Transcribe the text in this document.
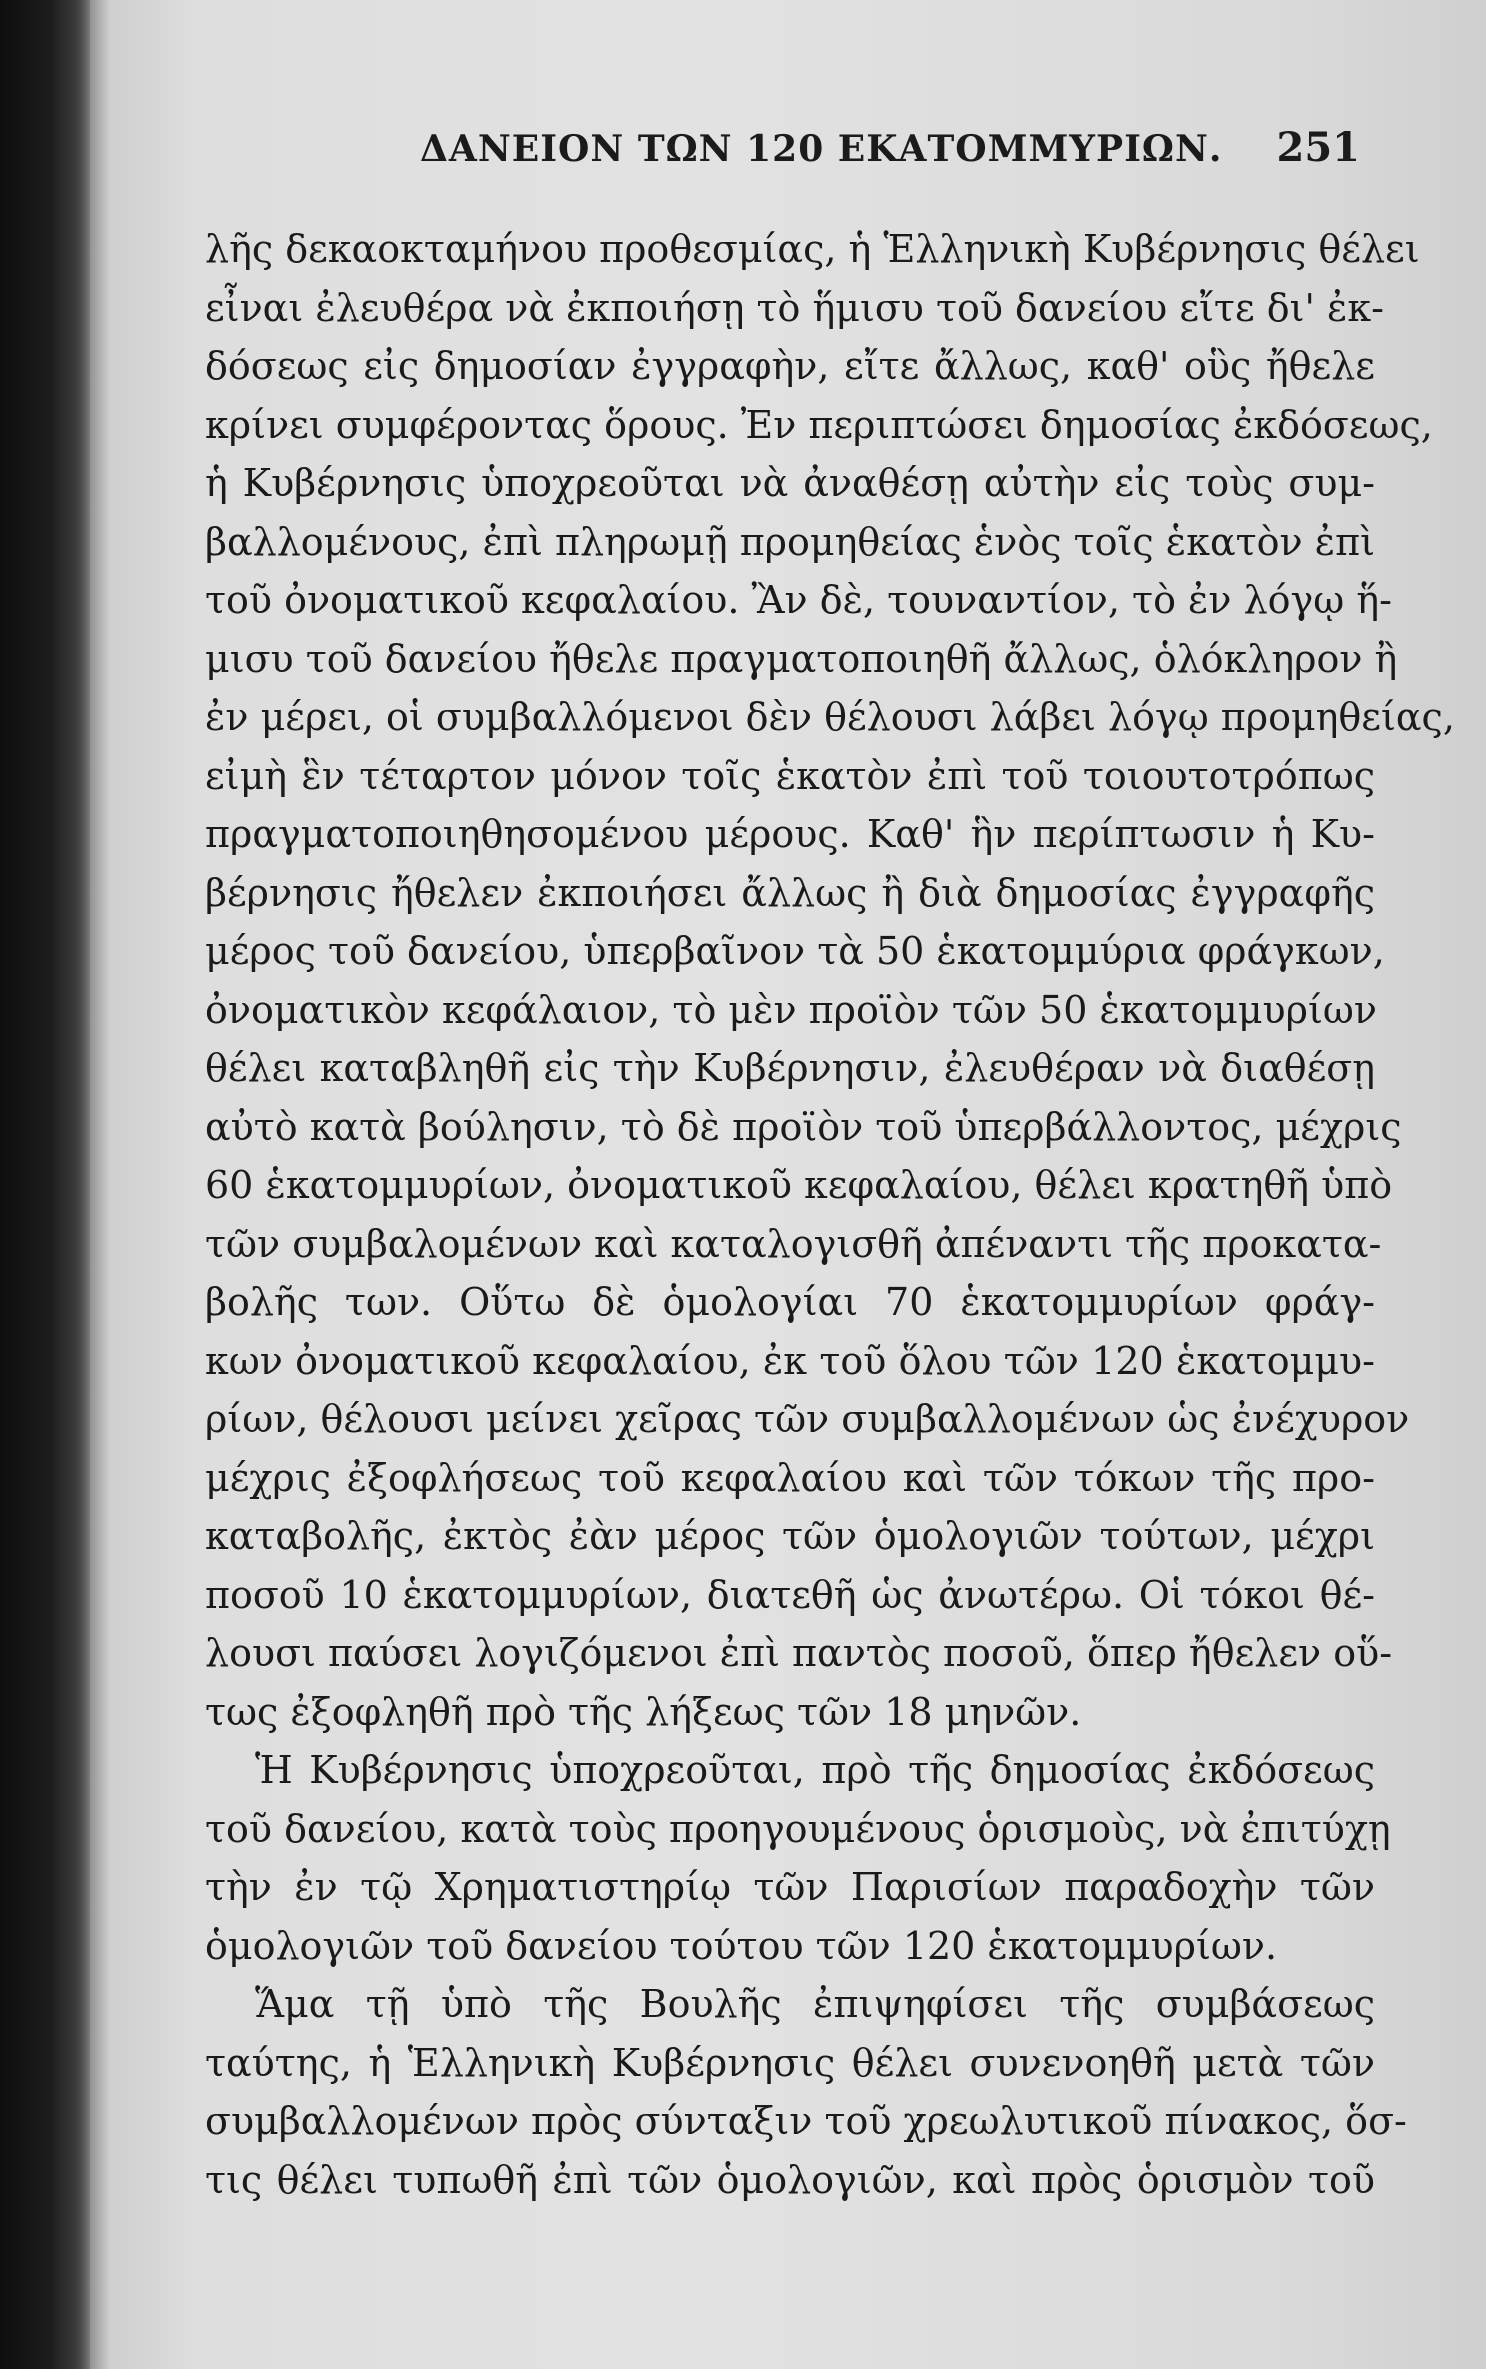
ΔΑΝΕΙΟΝ ΤΩΝ 120 ΕΚΑΤΟΜΜΥΡΙΩΝ. 251
λῆς δεκαοκταμήνου προθεσμίας, ἡ Ἑλληνικὴ Κυβέρνησις θέλει
εἶναι ἐλευθέρα νὰ ἐκποιήσῃ τὸ ἥμισυ τοῦ δανείου εἴτε δι' ἐκ-
δόσεως εἰς δημοσίαν ἐγγραφὴν, εἴτε ἄλλως, καθ' οὓς ἤθελε
κρίνει συμφέροντας ὅρους. Ἐν περιπτώσει δημοσίας ἐκδόσεως,
ἡ Κυβέρνησις ὑποχρεοῦται νὰ ἀναθέσῃ αὐτὴν εἰς τοὺς συμ-
βαλλομένους, ἐπὶ πληρωμῇ προμηθείας ἑνὸς τοῖς ἑκατὸν ἐπὶ
τοῦ ὀνοματικοῦ κεφαλαίου. Ἂν δὲ, τουναντίον, τὸ ἐν λόγῳ ἥ-
μισυ τοῦ δανείου ἤθελε πραγματοποιηθῆ ἄλλως, ὁλόκληρον ἢ
ἐν μέρει, οἱ συμβαλλόμενοι δὲν θέλουσι λάβει λόγῳ προμηθείας,
εἰμὴ ἓν τέταρτον μόνον τοῖς ἑκατὸν ἐπὶ τοῦ τοιουτοτρόπως
πραγματοποιηθησομένου μέρους. Καθ' ἣν περίπτωσιν ἡ Κυ-
βέρνησις ἤθελεν ἐκποιήσει ἄλλως ἢ διὰ δημοσίας ἐγγραφῆς
μέρος τοῦ δανείου, ὑπερβαῖνον τὰ 50 ἑκατομμύρια φράγκων,
ὀνοματικὸν κεφάλαιον, τὸ μὲν προϊὸν τῶν 50 ἑκατομμυρίων
θέλει καταβληθῆ εἰς τὴν Κυβέρνησιν, ἐλευθέραν νὰ διαθέσῃ
αὐτὸ κατὰ βούλησιν, τὸ δὲ προϊὸν τοῦ ὑπερβάλλοντος, μέχρις
60 ἑκατομμυρίων, ὀνοματικοῦ κεφαλαίου, θέλει κρατηθῆ ὑπὸ
τῶν συμβαλομένων καὶ καταλογισθῆ ἀπέναντι τῆς προκατα-
βολῆς των. Οὕτω δὲ ὁμολογίαι 70 ἑκατομμυρίων φράγ-
κων ὀνοματικοῦ κεφαλαίου, ἐκ τοῦ ὅλου τῶν 120 ἑκατομμυ-
ρίων, θέλουσι μείνει χεῖρας τῶν συμβαλλομένων ὡς ἐνέχυρον
μέχρις ἐξοφλήσεως τοῦ κεφαλαίου καὶ τῶν τόκων τῆς προ-
καταβολῆς, ἐκτὸς ἐὰν μέρος τῶν ὁμολογιῶν τούτων, μέχρι
ποσοῦ 10 ἑκατομμυρίων, διατεθῆ ὡς ἀνωτέρω. Οἱ τόκοι θέ-
λουσι παύσει λογιζόμενοι ἐπὶ παντὸς ποσοῦ, ὅπερ ἤθελεν οὕ-
τως ἐξοφληθῆ πρὸ τῆς λήξεως τῶν 18 μηνῶν.
Ἡ Κυβέρνησις ὑποχρεοῦται, πρὸ τῆς δημοσίας ἐκδόσεως
τοῦ δανείου, κατὰ τοὺς προηγουμένους ὁρισμοὺς, νὰ ἐπιτύχῃ
τὴν ἐν τῷ Χρηματιστηρίῳ τῶν Παρισίων παραδοχὴν τῶν
ὁμολογιῶν τοῦ δανείου τούτου τῶν 120 ἑκατομμυρίων.
Ἅμα τῇ ὑπὸ τῆς Βουλῆς ἐπιψηφίσει τῆς συμβάσεως
ταύτης, ἡ Ἑλληνικὴ Κυβέρνησις θέλει συνενοηθῆ μετὰ τῶν
συμβαλλομένων πρὸς σύνταξιν τοῦ χρεωλυτικοῦ πίνακος, ὅσ-
τις θέλει τυπωθῆ ἐπὶ τῶν ὁμολογιῶν, καὶ πρὸς ὁρισμὸν τοῦ
